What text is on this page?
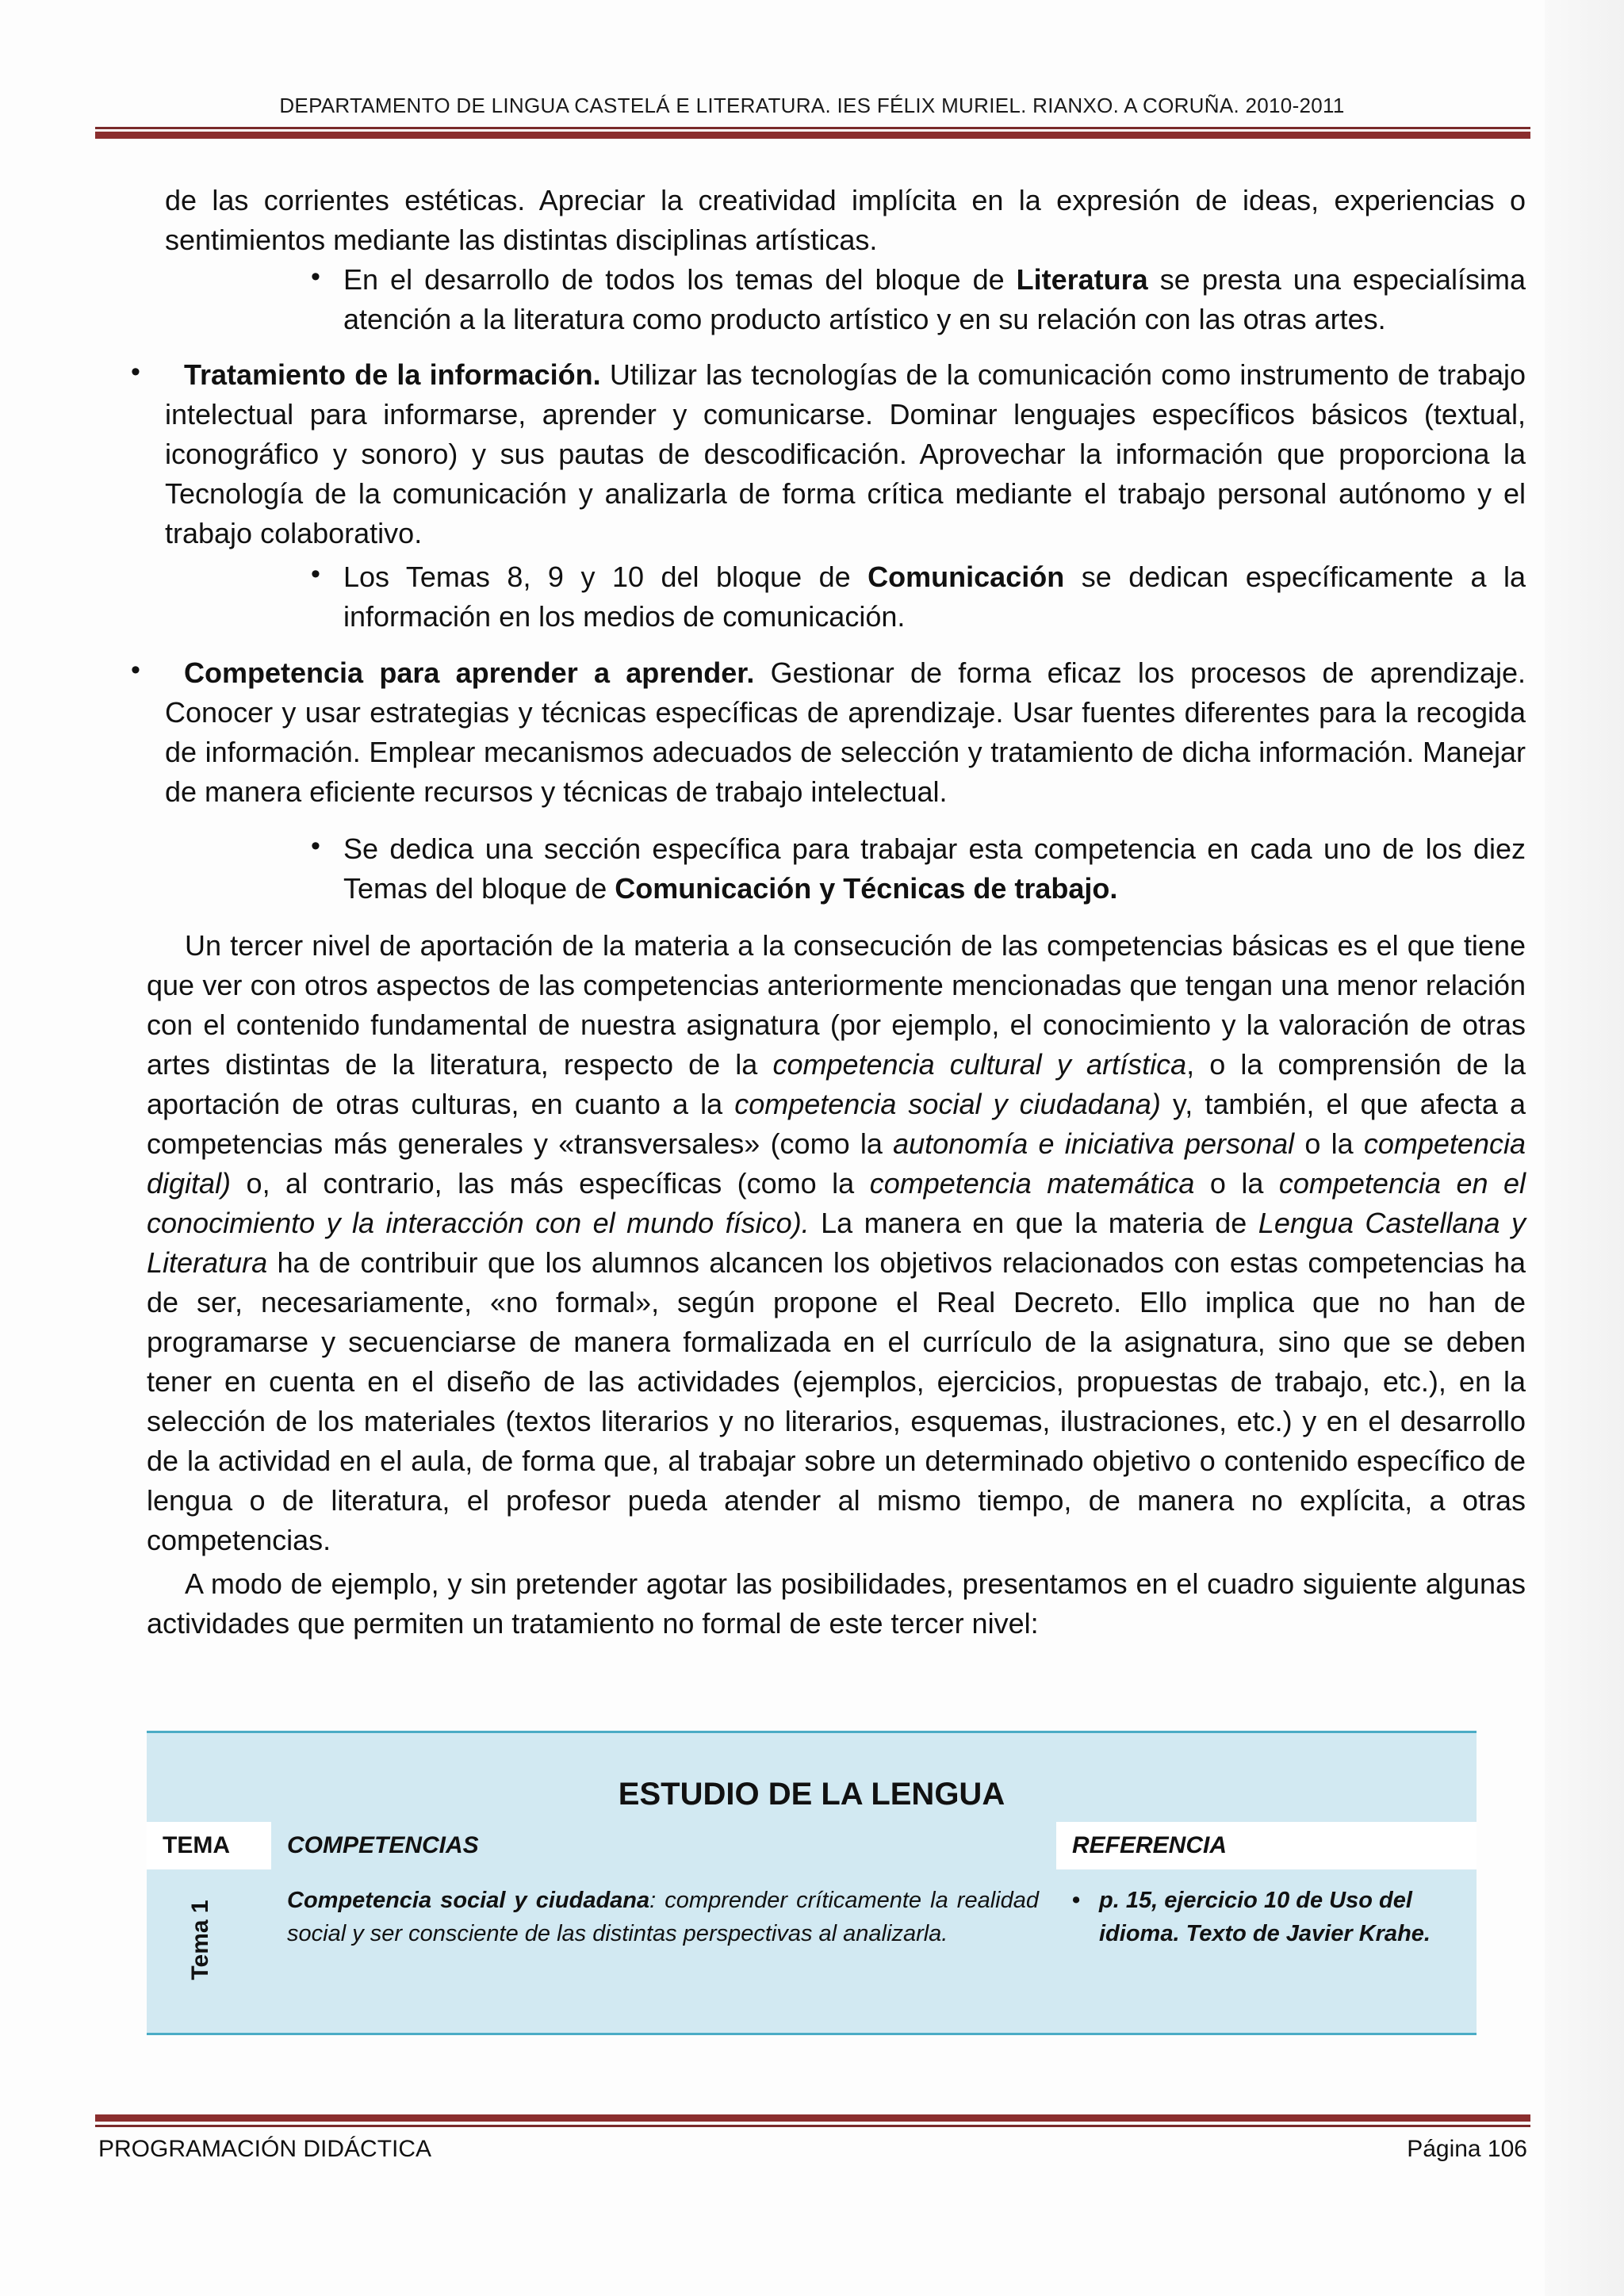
DEPARTAMENTO DE LINGUA CASTELÁ E LITERATURA. IES FÉLIX MURIEL. RIANXO. A CORUÑA. 2010-2011
de las corrientes estéticas. Apreciar la creatividad implícita en la expresión de ideas, experiencias o sentimientos mediante las distintas disciplinas artísticas.
• En el desarrollo de todos los temas del bloque de Literatura se presta una especialísima atención a la literatura como producto artístico y en su relación con las otras artes.
•	Tratamiento de la información. Utilizar las tecnologías de la comunicación como instrumento de trabajo intelectual para informarse, aprender y comunicarse. Dominar lenguajes específicos básicos (textual, iconográfico y sonoro) y sus pautas de descodificación. Aprovechar la información que proporciona la Tecnología de la comunicación y analizarla de forma crítica mediante el trabajo personal autónomo y el trabajo colaborativo.
• Los Temas 8, 9 y 10 del bloque de Comunicación se dedican específicamente a la información en los medios de comunicación.
•	Competencia para aprender a aprender. Gestionar de forma eficaz los procesos de aprendizaje. Conocer y usar estrategias y técnicas específicas de aprendizaje. Usar fuentes diferentes para la recogida de información. Emplear mecanismos adecuados de selección y tratamiento de dicha información. Manejar de manera eficiente recursos y técnicas de trabajo intelectual.
• Se dedica una sección específica para trabajar esta competencia en cada uno de los diez Temas del bloque de Comunicación y Técnicas de trabajo.
Un tercer nivel de aportación de la materia a la consecución de las competencias básicas es el que tiene que ver con otros aspectos de las competencias anteriormente mencionadas que tengan una menor relación con el contenido fundamental de nuestra asignatura (por ejemplo, el conocimiento y la valoración de otras artes distintas de la literatura, respecto de la competencia cultural y artística, o la comprensión de la aportación de otras culturas, en cuanto a la competencia social y ciudadana) y, también, el que afecta a competencias más generales y «transversales» (como la autonomía e iniciativa personal o la competencia digital) o, al contrario, las más específicas (como la competencia matemática o la competencia en el conocimiento y la interacción con el mundo físico). La manera en que la materia de Lengua Castellana y Literatura ha de contribuir que los alumnos alcancen los objetivos relacionados con estas competencias ha de ser, necesariamente, «no formal», según propone el Real Decreto. Ello implica que no han de programarse y secuenciarse de manera formalizada en el currículo de la asignatura, sino que se deben tener en cuenta en el diseño de las actividades (ejemplos, ejercicios, propuestas de trabajo, etc.), en la selección de los materiales (textos literarios y no literarios, esquemas, ilustraciones, etc.) y en el desarrollo de la actividad en el aula, de forma que, al trabajar sobre un determinado objetivo o contenido específico de lengua o de literatura, el profesor pueda atender al mismo tiempo, de manera no explícita, a otras competencias.
A modo de ejemplo, y sin pretender agotar las posibilidades, presentamos en el cuadro siguiente algunas actividades que permiten un tratamiento no formal de este tercer nivel:
ESTUDIO DE LA LENGUA		
TEMA	COMPETENCIAS	REFERENCIA

Tema 1	Competencia social y ciudadana: comprender críticamente la realidad social y ser consciente de las distintas perspectivas al analizarla.	• p. 15, ejercicio 10 de Uso del idioma. Texto de Javier Krahe.
PROGRAMACIÓN DIDÁCTICA	Página 106
